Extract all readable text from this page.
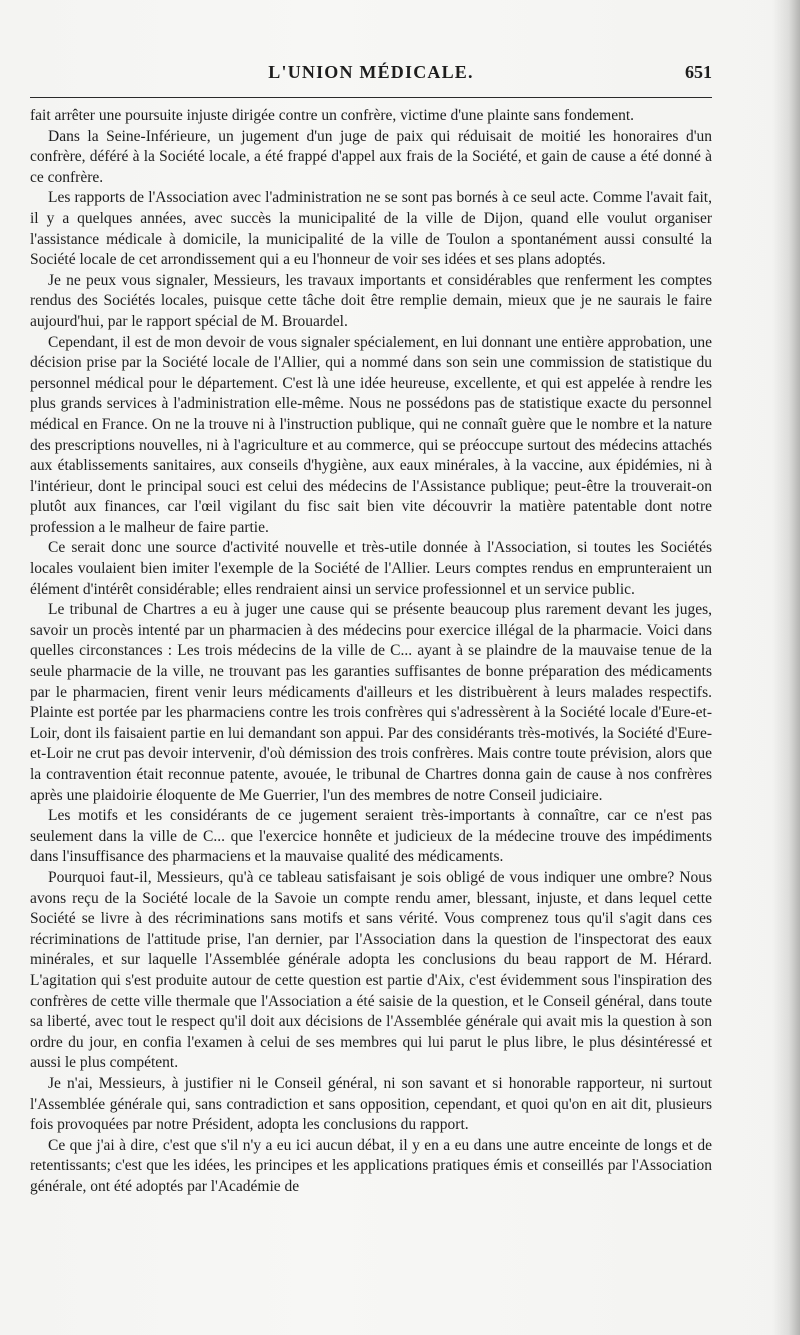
L'UNION MÉDICALE.	651

fait arrêter une poursuite injuste dirigée contre un confrère, victime d'une plainte sans fondement.

Dans la Seine-Inférieure, un jugement d'un juge de paix qui réduisait de moitié les honoraires d'un confrère, déféré à la Société locale, a été frappé d'appel aux frais de la Société, et gain de cause a été donné à ce confrère.

Les rapports de l'Association avec l'administration ne se sont pas bornés à ce seul acte. Comme l'avait fait, il y a quelques années, avec succès la municipalité de la ville de Dijon, quand elle voulut organiser l'assistance médicale à domicile, la municipalité de la ville de Toulon a spontanément aussi consulté la Société locale de cet arrondissement qui a eu l'honneur de voir ses idées et ses plans adoptés.

Je ne peux vous signaler, Messieurs, les travaux importants et considérables que renferment les comptes rendus des Sociétés locales, puisque cette tâche doit être remplie demain, mieux que je ne saurais le faire aujourd'hui, par le rapport spécial de M. Brouardel.

Cependant, il est de mon devoir de vous signaler spécialement, en lui donnant une entière approbation, une décision prise par la Société locale de l'Allier, qui a nommé dans son sein une commission de statistique du personnel médical pour le département. C'est là une idée heureuse, excellente, et qui est appelée à rendre les plus grands services à l'administration elle-même. Nous ne possédons pas de statistique exacte du personnel médical en France. On ne la trouve ni à l'instruction publique, qui ne connaît guère que le nombre et la nature des prescriptions nouvelles, ni à l'agriculture et au commerce, qui se préoccupe surtout des médecins attachés aux établissements sanitaires, aux conseils d'hygiène, aux eaux minérales, à la vaccine, aux épidémies, ni à l'intérieur, dont le principal souci est celui des médecins de l'Assistance publique; peut-être la trouverait-on plutôt aux finances, car l'œil vigilant du fisc sait bien vite découvrir la matière patentable dont notre profession a le malheur de faire partie.

Ce serait donc une source d'activité nouvelle et très-utile donnée à l'Association, si toutes les Sociétés locales voulaient bien imiter l'exemple de la Société de l'Allier. Leurs comptes rendus en emprunteraient un élément d'intérêt considérable; elles rendraient ainsi un service professionnel et un service public.

Le tribunal de Chartres a eu à juger une cause qui se présente beaucoup plus rarement devant les juges, savoir un procès intenté par un pharmacien à des médecins pour exercice illégal de la pharmacie. Voici dans quelles circonstances : Les trois médecins de la ville de C... ayant à se plaindre de la mauvaise tenue de la seule pharmacie de la ville, ne trouvant pas les garanties suffisantes de bonne préparation des médicaments par le pharmacien, firent venir leurs médicaments d'ailleurs et les distribuèrent à leurs malades respectifs. Plainte est portée par les pharmaciens contre les trois confrères qui s'adressèrent à la Société locale d'Eure-et-Loir, dont ils faisaient partie en lui demandant son appui. Par des considérants très-motivés, la Société d'Eure-et-Loir ne crut pas devoir intervenir, d'où démission des trois confrères. Mais contre toute prévision, alors que la contravention était reconnue patente, avouée, le tribunal de Chartres donna gain de cause à nos confrères après une plaidoirie éloquente de Me Guerrier, l'un des membres de notre Conseil judiciaire.

Les motifs et les considérants de ce jugement seraient très-importants à connaître, car ce n'est pas seulement dans la ville de C... que l'exercice honnête et judicieux de la médecine trouve des impédiments dans l'insuffisance des pharmaciens et la mauvaise qualité des médicaments.

Pourquoi faut-il, Messieurs, qu'à ce tableau satisfaisant je sois obligé de vous indiquer une ombre? Nous avons reçu de la Société locale de la Savoie un compte rendu amer, blessant, injuste, et dans lequel cette Société se livre à des récriminations sans motifs et sans vérité. Vous comprenez tous qu'il s'agit dans ces récriminations de l'attitude prise, l'an dernier, par l'Association dans la question de l'inspectorat des eaux minérales, et sur laquelle l'Assemblée générale adopta les conclusions du beau rapport de M. Hérard. L'agitation qui s'est produite autour de cette question est partie d'Aix, c'est évidemment sous l'inspiration des confrères de cette ville thermale que l'Association a été saisie de la question, et le Conseil général, dans toute sa liberté, avec tout le respect qu'il doit aux décisions de l'Assemblée générale qui avait mis la question à son ordre du jour, en confia l'examen à celui de ses membres qui lui parut le plus libre, le plus désintéressé et aussi le plus compétent.

Je n'ai, Messieurs, à justifier ni le Conseil général, ni son savant et si honorable rapporteur, ni surtout l'Assemblée générale qui, sans contradiction et sans opposition, cependant, et quoi qu'on en ait dit, plusieurs fois provoquées par notre Président, adopta les conclusions du rapport.

Ce que j'ai à dire, c'est que s'il n'y a eu ici aucun débat, il y en a eu dans une autre enceinte de longs et de retentissants; c'est que les idées, les principes et les applications pratiques émis et conseillés par l'Association générale, ont été adoptés par l'Académie de
